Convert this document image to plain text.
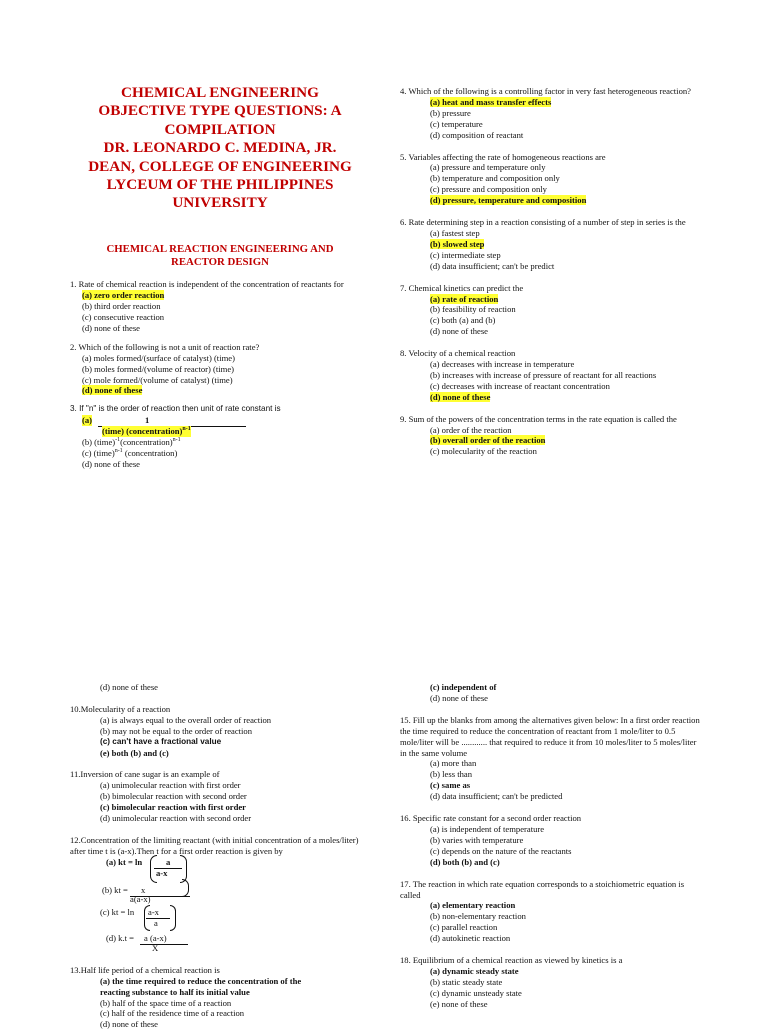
CHEMICAL ENGINEERING
OBJECTIVE TYPE QUESTIONS: A
COMPILATION
DR. LEONARDO C. MEDINA, JR.
DEAN, COLLEGE OF ENGINEERING
LYCEUM OF THE PHILIPPINES
UNIVERSITY
CHEMICAL REACTION ENGINEERING AND
REACTOR DESIGN
1. Rate of chemical reaction is independent of the concentration of reactants for
(a) zero order reaction
(b) third order reaction
(c) consecutive reaction
(d) none of these
2. Which of the following is not a unit of reaction rate?
(a) moles formed/(surface of catalyst) (time)
(b) moles formed/(volume of reactor) (time)
(c) mole formed/(volume of catalyst) (time)
(d) none of these
3. If "n" is the order of reaction then unit of rate constant is
(a)	1
(time) (concentration)$^{n-1}$
(b) (time)$^{-1}$(concentration)$^{n-1}$
(c) (time)$^{n-1}$ (concentration)
(d) none of these
4. Which of the following is a controlling factor in very fast heterogeneous reaction?
(a) heat and mass transfer effects
(b) pressure
(c) temperature
(d) composition of reactant
5. Variables affecting the rate of homogeneous reactions are
(a) pressure and temperature only
(b) temperature and composition only
(c) pressure and composition only
(d) pressure, temperature and composition
6. Rate determining step in a reaction consisting of a number of step in series is the
(a) fastest step
(b) slowed step
(c) intermediate step
(d) data insufficient; can't be predict
7. Chemical kinetics can predict the
(a) rate of reaction
(b) feasibility of reaction
(c) both (a) and (b)
(d) none of these
8. Velocity of a chemical reaction
(a) decreases with increase in temperature
(b) increases with increase of pressure of reactant for all reactions
(c) decreases with increase of reactant concentration
(d) none of these
9. Sum of the powers of the concentration terms in the rate equation is called the
(a) order of the reaction
(b) overall order of the reaction
(c) molecularity of the reaction
(d) none of these
10.Molecularity of a reaction
(a) is always equal to the overall order of reaction
(b) may not be equal to the order of reaction
(c) can't have a fractional value
(e) both (b) and (c)
11.Inversion of cane sugar is an example of
(a) unimolecular reaction with first order
(b) bimolecular reaction with second order
(c) bimolecular reaction with first order
(d) unimolecular reaction with second order
12.Concentration of the limiting reactant (with initial concentration of a moles/liter) after time t is (a-x).Then t for a first order reaction is given by
(a) kt = ln	a
a-x
(b) kt = x
a(a-x)
(c) kt = ln a-x
a
(d) k.t = a (a-x)
X
13.Half life period of a chemical reaction is
(a) the time required to reduce the concentration of the
reacting substance to half its initial value
(b) half of the space time of a reaction
(c) half of the residence time of a reaction
(d) none of these
(c) independent of
(d) none of these
15. Fill up the blanks from among the alternatives given below: In a first order reaction the time required to reduce the concentration of reactant from 1 mole/liter to 0.5 mole/liter will be ............ that required to reduce it from 10 moles/liter to 5 moles/liter in the same volume
(a) more than
(b) less than
(c) same as
(d) data insufficient; can't be predicted
16. Specific rate constant for a second order reaction
(a) is independent of temperature
(b) varies with temperature
(c) depends on the nature of the reactants
(d) both (b) and (c)
17. The reaction in which rate equation corresponds to a stoichiometric equation is called
(a) elementary reaction
(b) non-elementary reaction
(c) parallel reaction
(d) autokinetic reaction
18. Equilibrium of a chemical reaction as viewed by kinetics is a
(a) dynamic steady state
(b) static steady state
(c) dynamic unsteady state
(e) none of these
